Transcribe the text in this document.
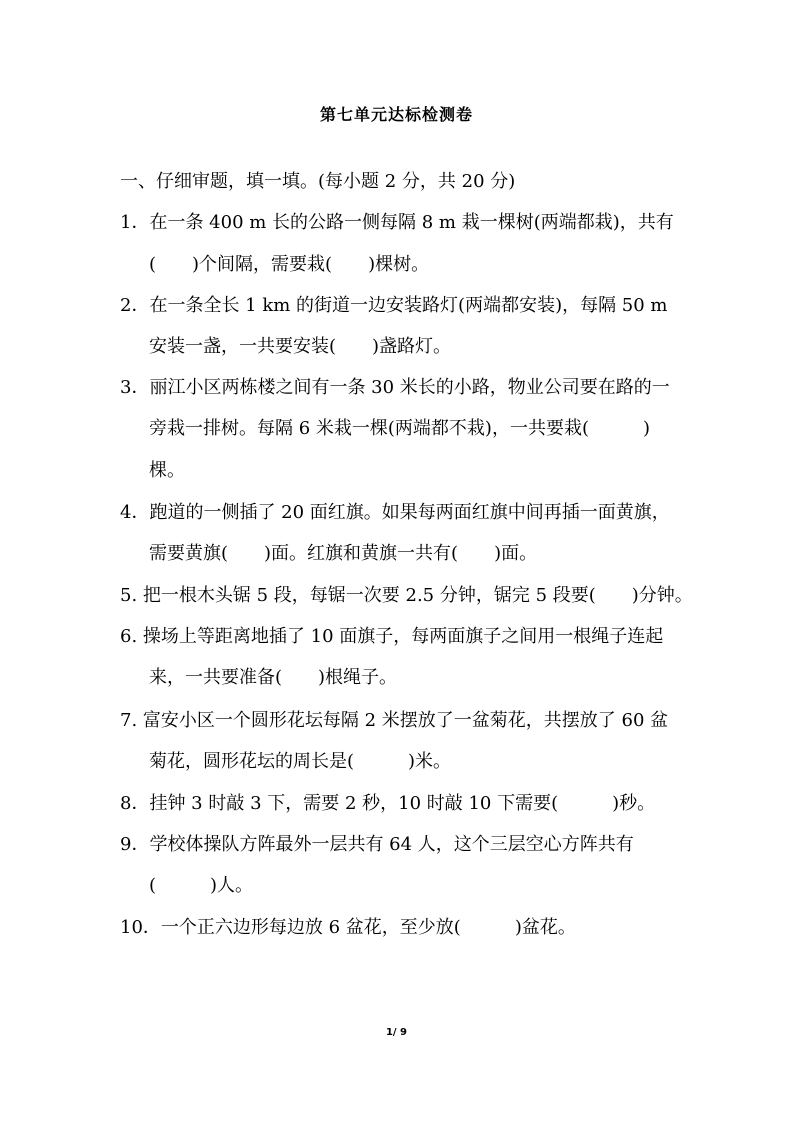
第七单元达标检测卷
一、仔细审题，填一填。(每小题 2 分，共 20 分)
1．在一条 400 m 长的公路一侧每隔 8 m 栽一棵树(两端都栽)，共有
(　　)个间隔，需要栽(　　)棵树。
2．在一条全长 1 km 的街道一边安装路灯(两端都安装)，每隔 50 m
安装一盏，一共要安装(　　)盏路灯。
3．丽江小区两栋楼之间有一条 30 米长的小路，物业公司要在路的一
旁栽一排树。每隔 6 米栽一棵(两端都不栽)，一共要栽(　　　)
棵。
4．跑道的一侧插了 20 面红旗。如果每两面红旗中间再插一面黄旗，
需要黄旗(　　)面。红旗和黄旗一共有(　　)面。
5. 把一根木头锯 5 段，每锯一次要 2.5 分钟，锯完 5 段要(　　)分钟。
6. 操场上等距离地插了 10 面旗子，每两面旗子之间用一根绳子连起
来，一共要准备(　　)根绳子。
7. 富安小区一个圆形花坛每隔 2 米摆放了一盆菊花，共摆放了 60 盆
菊花，圆形花坛的周长是(　　　)米。
8．挂钟 3 时敲 3 下，需要 2 秒，10 时敲 10 下需要(　　　)秒。
9．学校体操队方阵最外一层共有 64 人，这个三层空心方阵共有
(　　　)人。
10．一个正六边形每边放 6 盆花，至少放(　　　)盆花。
1/ 9
